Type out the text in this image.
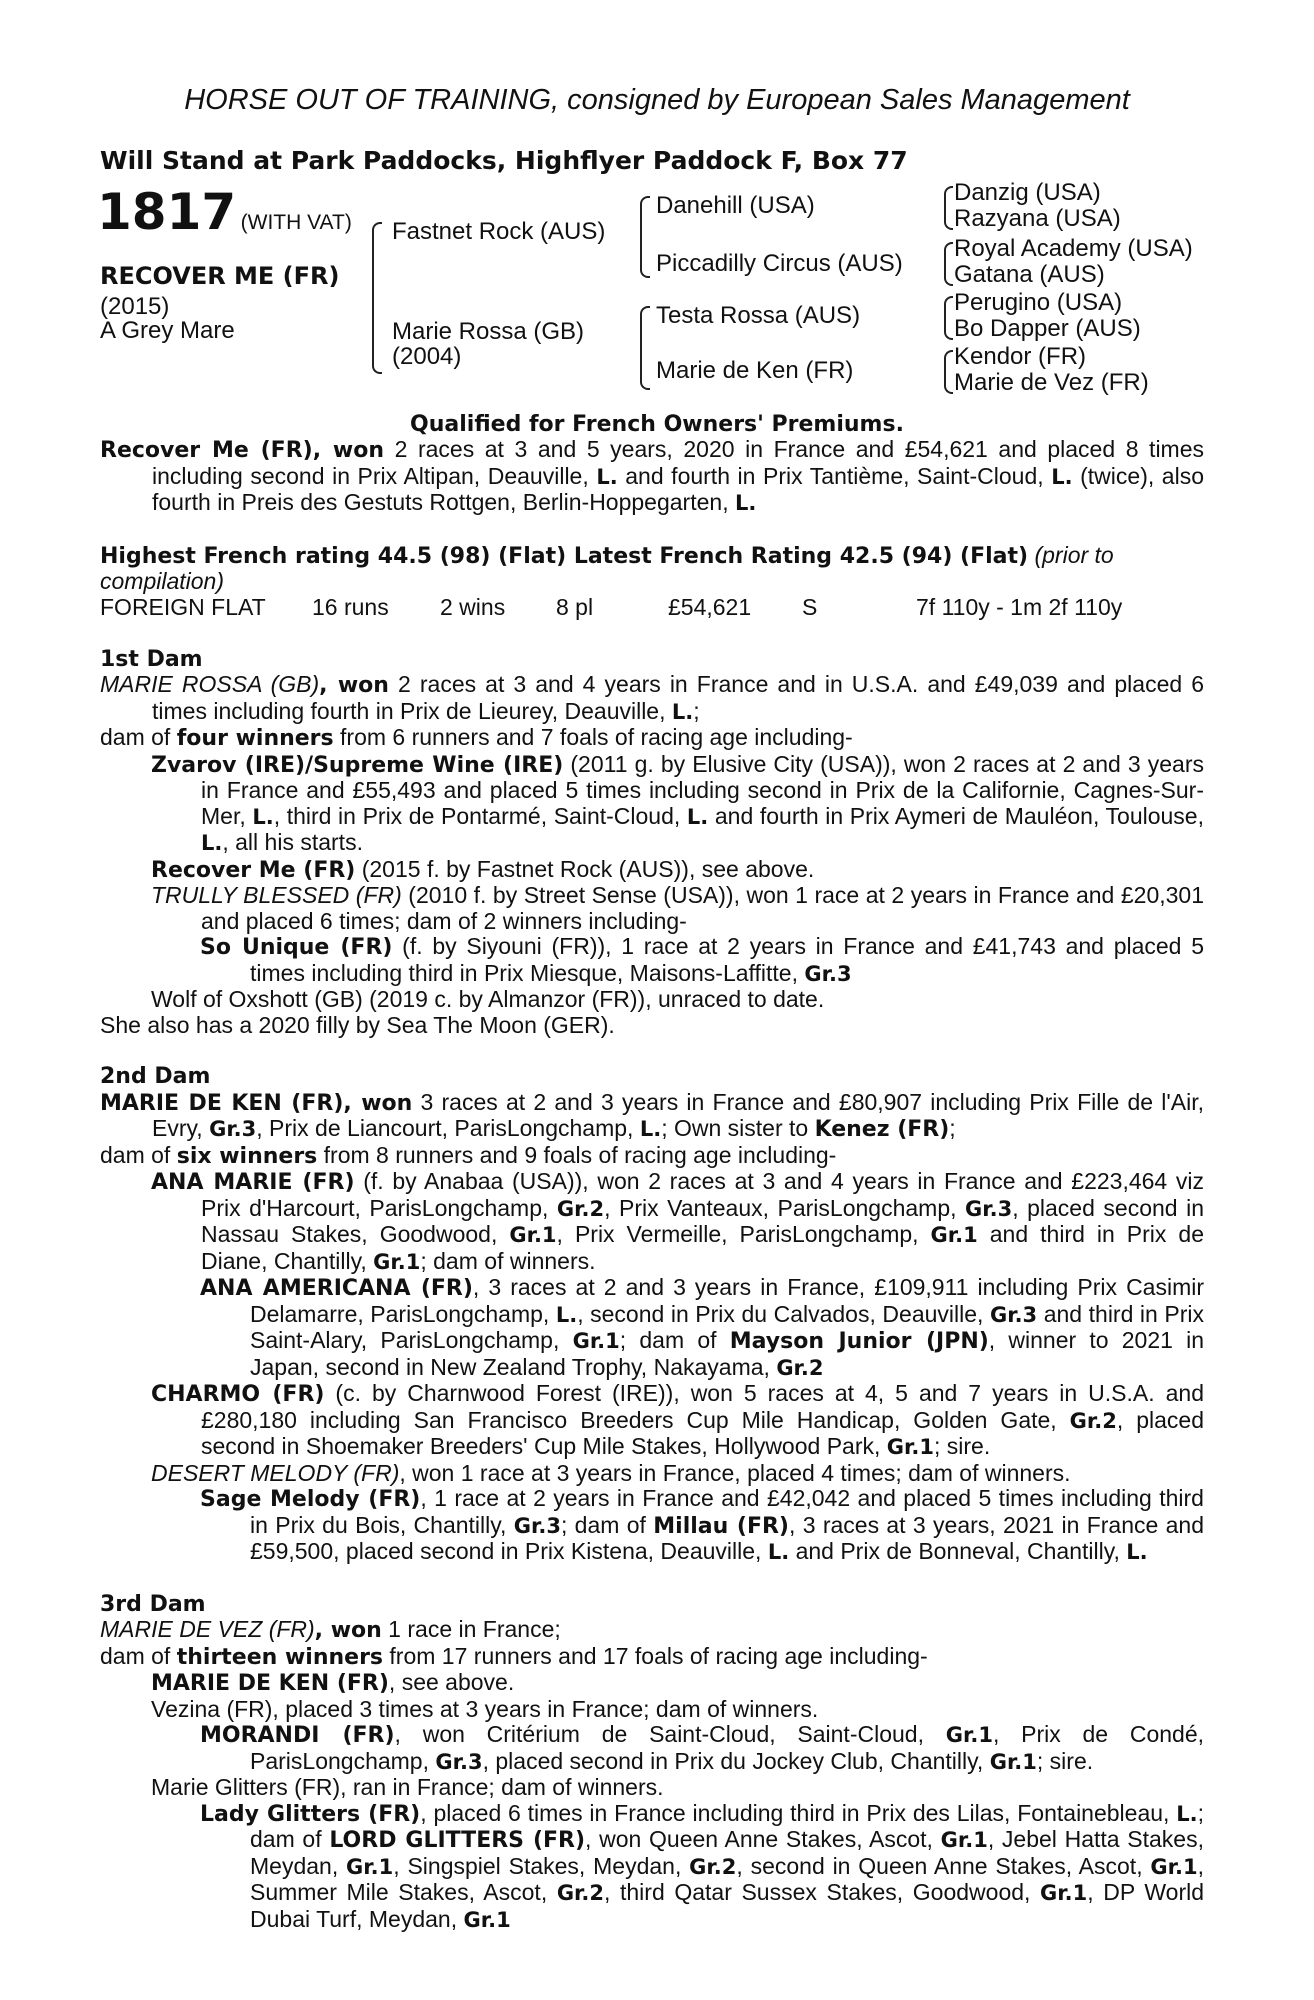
HORSE OUT OF TRAINING, consigned by European Sales Management
Will Stand at Park Paddocks, Highflyer Paddock F, Box 77
1817 (WITH VAT)
RECOVER ME (FR)
(2015)
A Grey Mare
Fastnet Rock (AUS)
Marie Rossa (GB)
(2004)
Danehill (USA)
Piccadilly Circus (AUS)
Testa Rossa (AUS)
Marie de Ken (FR)
Danzig (USA)
Razyana (USA)
Royal Academy (USA)
Gatana (AUS)
Perugino (USA)
Bo Dapper (AUS)
Kendor (FR)
Marie de Vez (FR)
Qualified for French Owners' Premiums.

Recover Me (FR), won 2 races at 3 and 5 years, 2020 in France and £54,621 and placed 8 times including second in Prix Altipan, Deauville, L. and fourth in Prix Tantième, Saint-Cloud, L. (twice), also fourth in Preis des Gestuts Rottgen, Berlin-Hoppegarten, L.

Highest French rating 44.5 (98) (Flat) Latest French Rating 42.5 (94) (Flat) (prior to compilation)

FOREIGN FLAT 16 runs 2 wins 8 pl	£54,621 S	7f 110y - 1m 2f 110y

1st Dam

MARIE ROSSA (GB), won 2 races at 3 and 4 years in France and in U.S.A. and £49,039 and placed 6 times including fourth in Prix de Lieurey, Deauville, L.;

dam of four winners from 6 runners and 7 foals of racing age including-

Zvarov (IRE)/Supreme Wine (IRE) (2011 g. by Elusive City (USA)), won 2 races at 2 and 3 years in France and £55,493 and placed 5 times including second in Prix de la Californie, Cagnes-Sur-Mer, L., third in Prix de Pontarmé, Saint-Cloud, L. and fourth in Prix Aymeri de Mauléon, Toulouse, L., all his starts.

Recover Me (FR) (2015 f. by Fastnet Rock (AUS)), see above.

TRULLY BLESSED (FR) (2010 f. by Street Sense (USA)), won 1 race at 2 years in France and £20,301 and placed 6 times; dam of 2 winners including-

So Unique (FR) (f. by Siyouni (FR)), 1 race at 2 years in France and £41,743 and placed 5 times including third in Prix Miesque, Maisons-Laffitte, Gr.3

Wolf of Oxshott (GB) (2019 c. by Almanzor (FR)), unraced to date.

She also has a 2020 filly by Sea The Moon (GER).

2nd Dam

MARIE DE KEN (FR), won 3 races at 2 and 3 years in France and £80,907 including Prix Fille de l'Air, Evry, Gr.3, Prix de Liancourt, ParisLongchamp, L.; Own sister to Kenez (FR);

dam of six winners from 8 runners and 9 foals of racing age including-

ANA MARIE (FR) (f. by Anabaa (USA)), won 2 races at 3 and 4 years in France and £223,464 viz Prix d'Harcourt, ParisLongchamp, Gr.2, Prix Vanteaux, ParisLongchamp, Gr.3, placed second in Nassau Stakes, Goodwood, Gr.1, Prix Vermeille, ParisLongchamp, Gr.1 and third in Prix de Diane, Chantilly, Gr.1; dam of winners.

ANA AMERICANA (FR), 3 races at 2 and 3 years in France, £109,911 including Prix Casimir Delamarre, ParisLongchamp, L., second in Prix du Calvados, Deauville, Gr.3 and third in Prix Saint-Alary, ParisLongchamp, Gr.1; dam of Mayson Junior (JPN), winner to 2021 in Japan, second in New Zealand Trophy, Nakayama, Gr.2

CHARMO (FR) (c. by Charnwood Forest (IRE)), won 5 races at 4, 5 and 7 years in U.S.A. and £280,180 including San Francisco Breeders Cup Mile Handicap, Golden Gate, Gr.2, placed second in Shoemaker Breeders' Cup Mile Stakes, Hollywood Park, Gr.1; sire.

DESERT MELODY (FR), won 1 race at 3 years in France, placed 4 times; dam of winners.

Sage Melody (FR), 1 race at 2 years in France and £42,042 and placed 5 times including third in Prix du Bois, Chantilly, Gr.3; dam of Millau (FR), 3 races at 3 years, 2021 in France and £59,500, placed second in Prix Kistena, Deauville, L. and Prix de Bonneval, Chantilly, L.

3rd Dam

MARIE DE VEZ (FR), won 1 race in France;

dam of thirteen winners from 17 runners and 17 foals of racing age including-

MARIE DE KEN (FR), see above.

Vezina (FR), placed 3 times at 3 years in France; dam of winners.

MORANDI (FR), won Critérium de Saint-Cloud, Saint-Cloud, Gr.1, Prix de Condé, ParisLongchamp, Gr.3, placed second in Prix du Jockey Club, Chantilly, Gr.1; sire.

Marie Glitters (FR), ran in France; dam of winners.

Lady Glitters (FR), placed 6 times in France including third in Prix des Lilas, Fontainebleau, L.; dam of LORD GLITTERS (FR), won Queen Anne Stakes, Ascot, Gr.1, Jebel Hatta Stakes, Meydan, Gr.1, Singspiel Stakes, Meydan, Gr.2, second in Queen Anne Stakes, Ascot, Gr.1, Summer Mile Stakes, Ascot, Gr.2, third Qatar Sussex Stakes, Goodwood, Gr.1, DP World Dubai Turf, Meydan, Gr.1
